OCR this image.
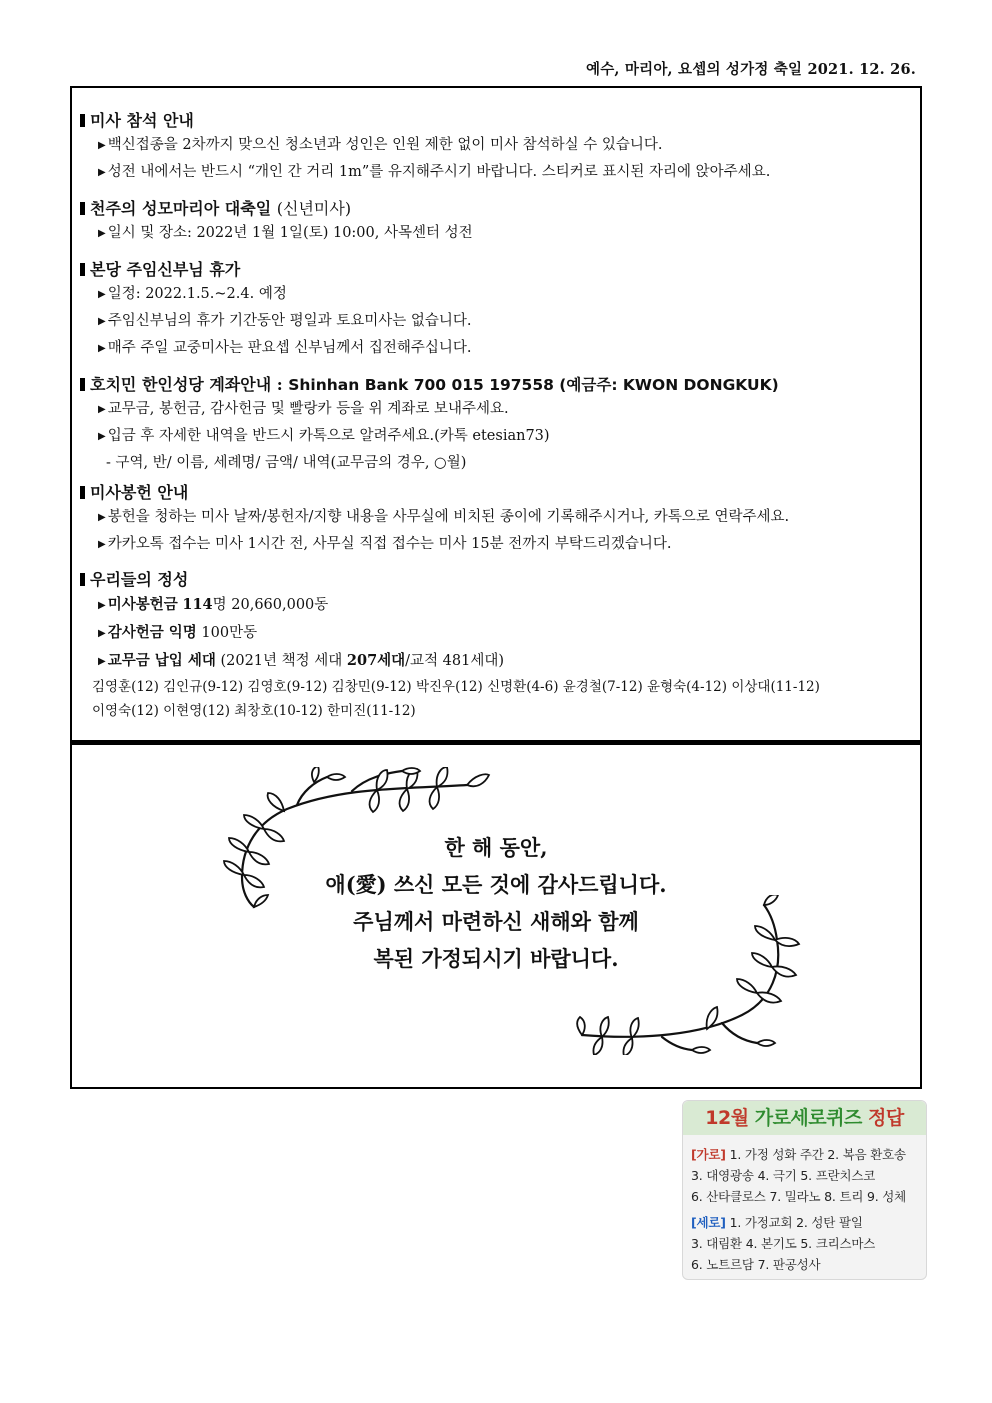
예수, 마리아, 요셉의 성가정 축일 2021. 12. 26.
미사 참석 안내
▶ 백신접종을 2차까지 맞으신 청소년과 성인은 인원 제한 없이 미사 참석하실 수 있습니다.
▶ 성전 내에서는 반드시 “개인 간 거리 1m”를 유지해주시기 바랍니다. 스티커로 표시된 자리에 앉아주세요.
천주의 성모마리아 대축일 (신년미사)
▶ 일시 및 장소: 2022년 1월 1일(토) 10:00, 사목센터 성전
본당 주임신부님 휴가
▶ 일정: 2022.1.5.~2.4. 예정
▶ 주임신부님의 휴가 기간동안 평일과 토요미사는 없습니다.
▶ 매주 주일 교중미사는 판요셉 신부님께서 집전해주십니다.
호치민 한인성당 계좌안내 : Shinhan Bank 700 015 197558 (예금주: KWON DONGKUK)
▶ 교무금, 봉헌금, 감사헌금 및 빨랑카 등을 위 계좌로 보내주세요.
▶ 입금 후 자세한 내역을 반드시 카톡으로 알려주세요.(카톡 etesian73)
- 구역, 반/ 이름, 세례명/ 금액/ 내역(교무금의 경우, ○월)
미사봉헌 안내
▶ 봉헌을 청하는 미사 날짜/봉헌자/지향 내용을 사무실에 비치된 종이에 기록해주시거나, 카톡으로 연락주세요.
▶ 카카오톡 접수는 미사 1시간 전, 사무실 직접 접수는 미사 15분 전까지 부탁드리겠습니다.
우리들의 정성
▶ 미사봉헌금 114명 20,660,000동
▶ 감사헌금 익명 100만동
▶ 교무금 납입 세대 (2021년 책정 세대 207세대/교적 481세대)
김영훈(12) 김인규(9-12) 김영호(9-12) 김창민(9-12) 박진우(12) 신명환(4-6) 윤경철(7-12) 윤형숙(4-12) 이상대(11-12)
이영숙(12) 이현영(12) 최창호(10-12) 한미진(11-12)
한 해 동안,
애(愛) 쓰신 모든 것에 감사드립니다.
주님께서 마련하신 새해와 함께
복된 가정되시기 바랍니다.
12월 가로세로퀴즈 정답
[가로] 1. 가정 성화 주간 2. 복음 환호송
3. 대영광송 4. 극기 5. 프란치스코
6. 산타클로스 7. 밀라노 8. 트리 9. 성체
[세로] 1. 가정교회 2. 성탄 팔일
3. 대림환 4. 본기도 5. 크리스마스
6. 노트르담 7. 판공성사
